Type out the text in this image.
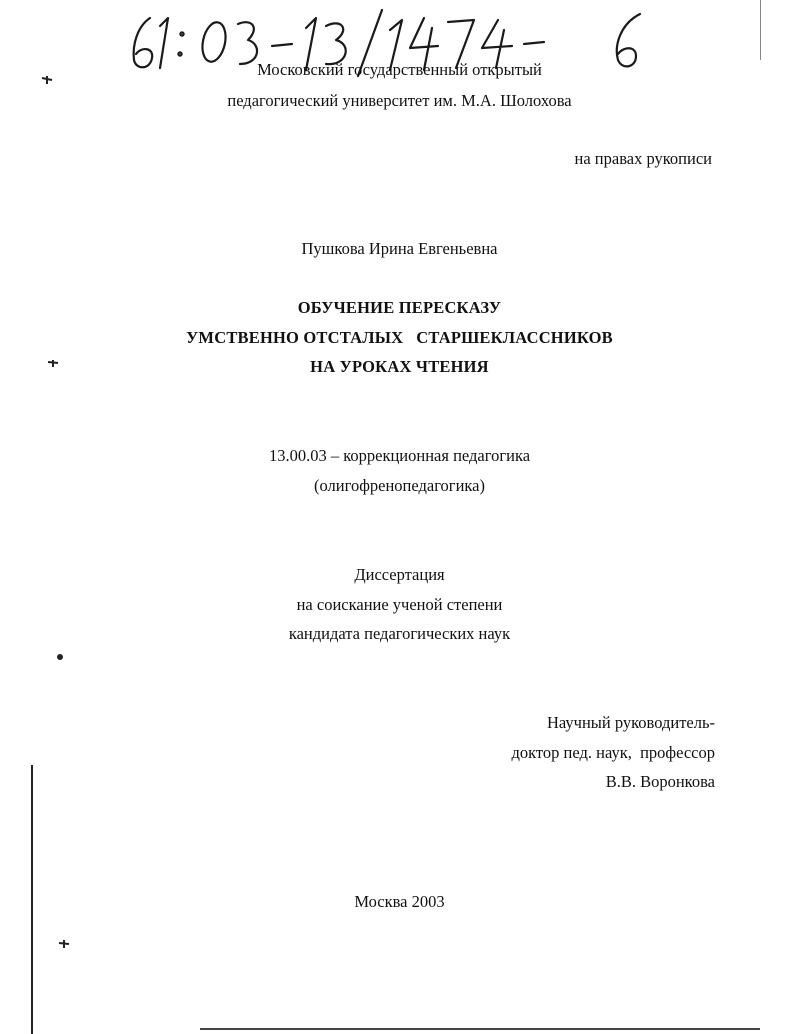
Московский государственный открытый
педагогический университет им. М.А. Шолохова
на правах рукописи
Пушкова Ирина Евгеньевна
ОБУЧЕНИЕ ПЕРЕСКАЗУ
УМСТВЕННО ОТСТАЛЫХ   СТАРШЕКЛАССНИКОВ
НА УРОКАХ ЧТЕНИЯ
13.00.03 – коррекционная педагогика
(олигофренопедагогика)
Диссертация
на соискание ученой степени
кандидата педагогических наук
Научный руководитель-
доктор пед. наук,  профессор
В.В. Воронкова
Москва 2003
